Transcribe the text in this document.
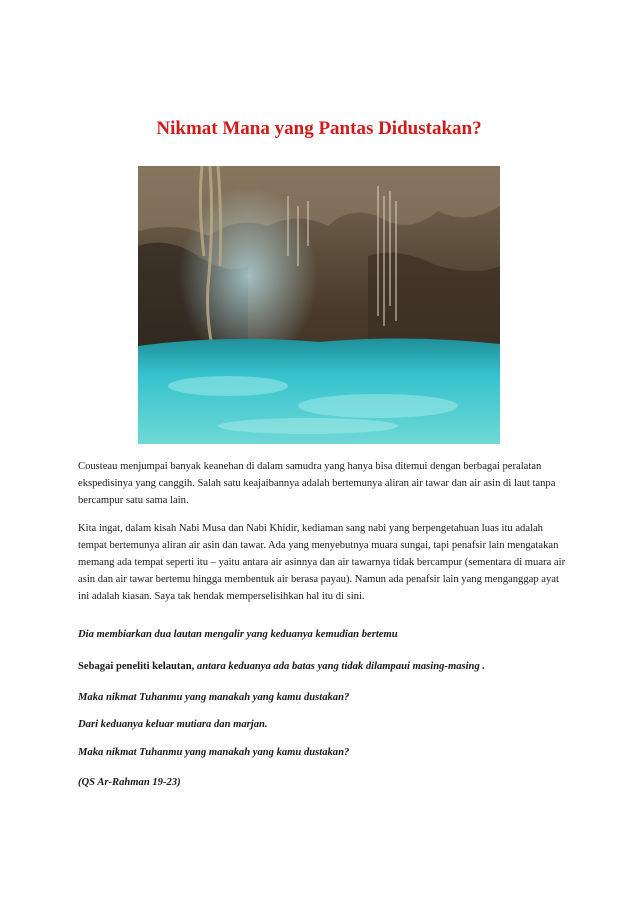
Nikmat Mana yang Pantas Didustakan?

Cousteau menjumpai banyak keanehan di dalam samudra yang hanya bisa ditemui dengan berbagai peralatan ekspedisinya yang canggih. Salah satu keajaibannya adalah bertemunya aliran air tawar dan air asin di laut tanpa bercampur satu sama lain.

Kita ingat, dalam kisah Nabi Musa dan Nabi Khidir, kediaman sang nabi yang berpengetahuan luas itu adalah tempat bertemunya aliran air asin dan tawar. Ada yang menyebutnya muara sungai, tapi penafsir lain mengatakan memang ada tempat seperti itu – yaitu antara air asinnya dan air tawarnya tidak bercampur (sementara di muara air asin dan air tawar bertemu hingga membentuk air berasa payau). Namun ada penafsir lain yang menganggap ayat ini adalah kiasan. Saya tak hendak memperselisihkan hal itu di sini.

Dia membiarkan dua lautan mengalir yang keduanya kemudian bertemu

Sebagai peneliti kelautan, antara keduanya ada batas yang tidak dilampaui masing-masing .

Maka nikmat Tuhanmu yang manakah yang kamu dustakan?

Dari keduanya keluar mutiara dan marjan.

Maka nikmat Tuhanmu yang manakah yang kamu dustakan?

(QS Ar-Rahman 19-23)
